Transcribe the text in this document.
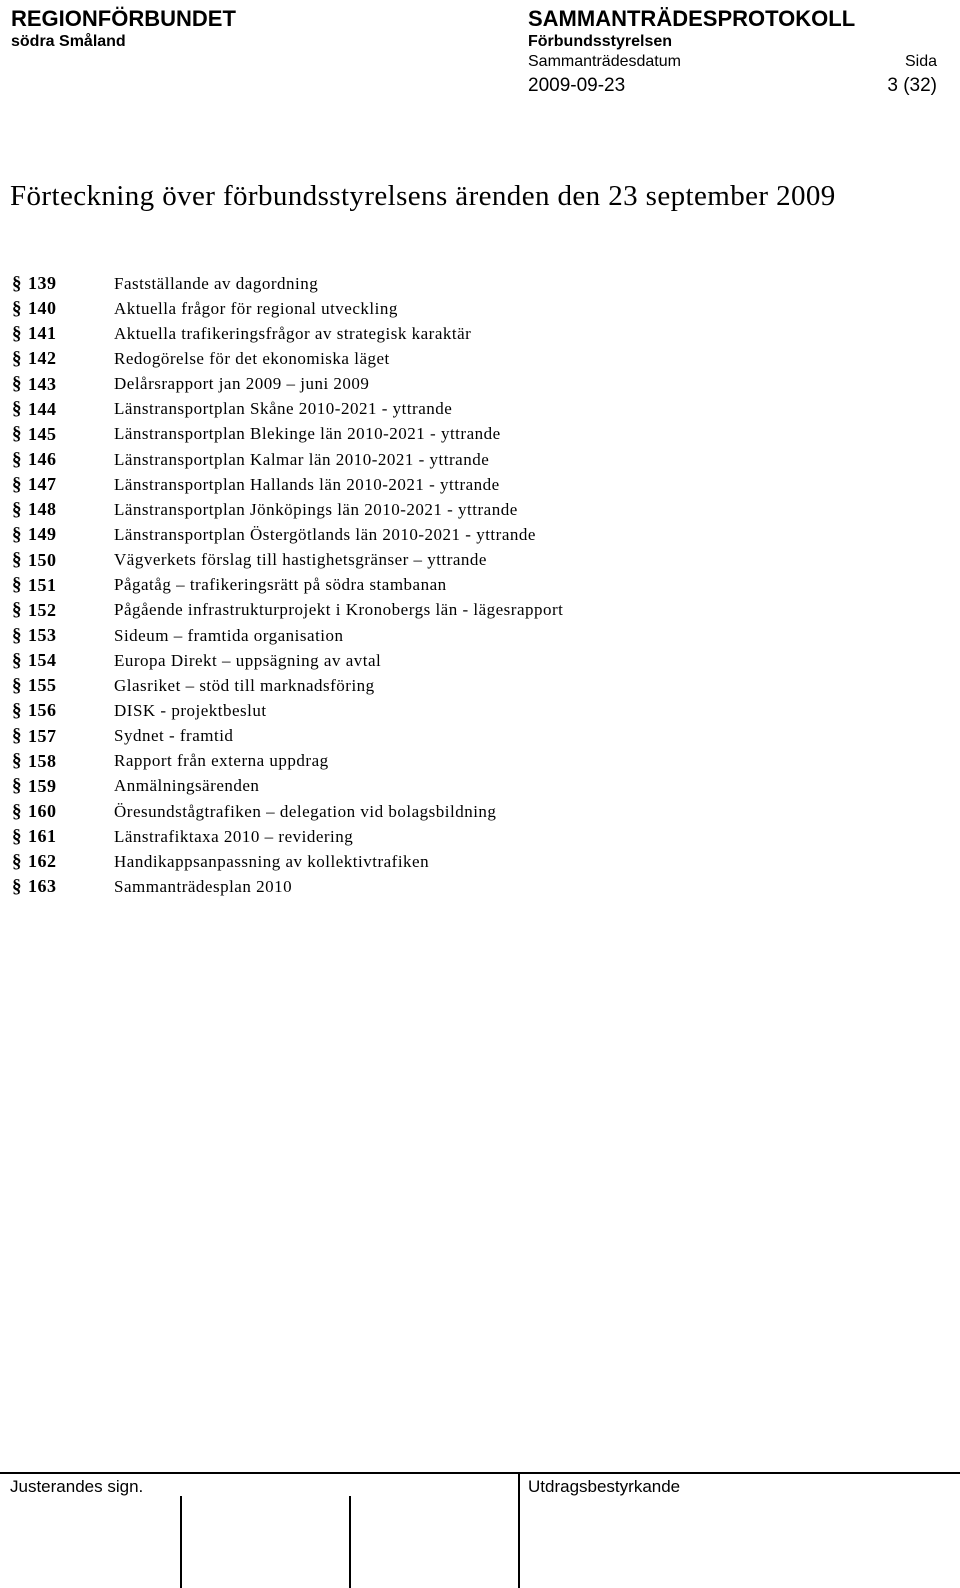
REGIONFÖRBUNDET
södra Småland
SAMMANTRÄDESPROTOKOLL
Förbundsstyrelsen
Sammanträdesdatum	Sida
2009-09-23	3 (32)
Förteckning över förbundsstyrelsens ärenden den 23 september 2009
§ 139	Fastställande av dagordning
§ 140	Aktuella frågor för regional utveckling
§ 141	Aktuella trafikeringsfrågor av strategisk karaktär
§ 142	Redogörelse för det ekonomiska läget
§ 143	Delårsrapport jan 2009 – juni 2009
§ 144	Länstransportplan Skåne 2010-2021 - yttrande
§ 145	Länstransportplan Blekinge län 2010-2021 - yttrande
§ 146	Länstransportplan Kalmar län 2010-2021 - yttrande
§ 147	Länstransportplan Hallands län 2010-2021 - yttrande
§ 148	Länstransportplan Jönköpings län 2010-2021 - yttrande
§ 149	Länstransportplan Östergötlands län 2010-2021 - yttrande
§ 150	Vägverkets förslag till hastighetsgränser – yttrande
§ 151	Pågatåg – trafikeringsrätt på södra stambanan
§ 152	Pågående infrastrukturprojekt i Kronobergs län - lägesrapport
§ 153	Sideum – framtida organisation
§ 154	Europa Direkt – uppsägning av avtal
§ 155	Glasriket – stöd till marknadsföring
§ 156	DISK - projektbeslut
§ 157	Sydnet - framtid
§ 158	Rapport från externa uppdrag
§ 159	Anmälningsärenden
§ 160	Öresundstågtrafiken – delegation vid bolagsbildning
§ 161	Länstrafiktaxa 2010 – revidering
§ 162	Handikappsanpassning av kollektivtrafiken
§ 163	Sammanträdesplan 2010
Justerandes sign.	Utdragsbestyrkande
